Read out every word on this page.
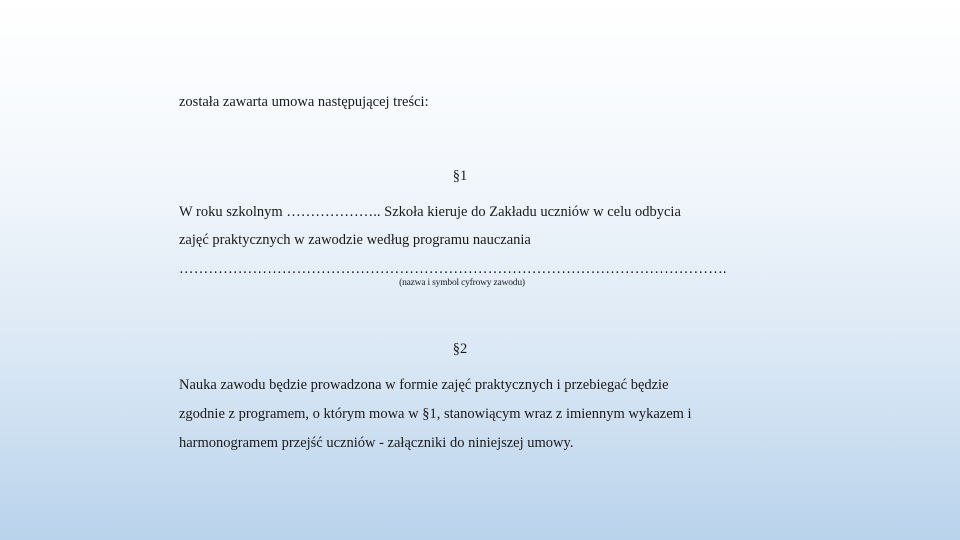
została zawarta umowa następującej treści:
§1
W roku szkolnym ……………….. Szkoła kieruje do Zakładu uczniów w celu odbycia
zajęć praktycznych w zawodzie według programu nauczania
………………………………………………………………………………………………….
(nazwa i symbol cyfrowy zawodu)
§2
Nauka zawodu będzie prowadzona w formie zajęć praktycznych i przebiegać będzie
zgodnie z programem, o którym mowa w §1, stanowiącym wraz z imiennym wykazem i
harmonogramem przejść uczniów - załączniki do niniejszej umowy.
